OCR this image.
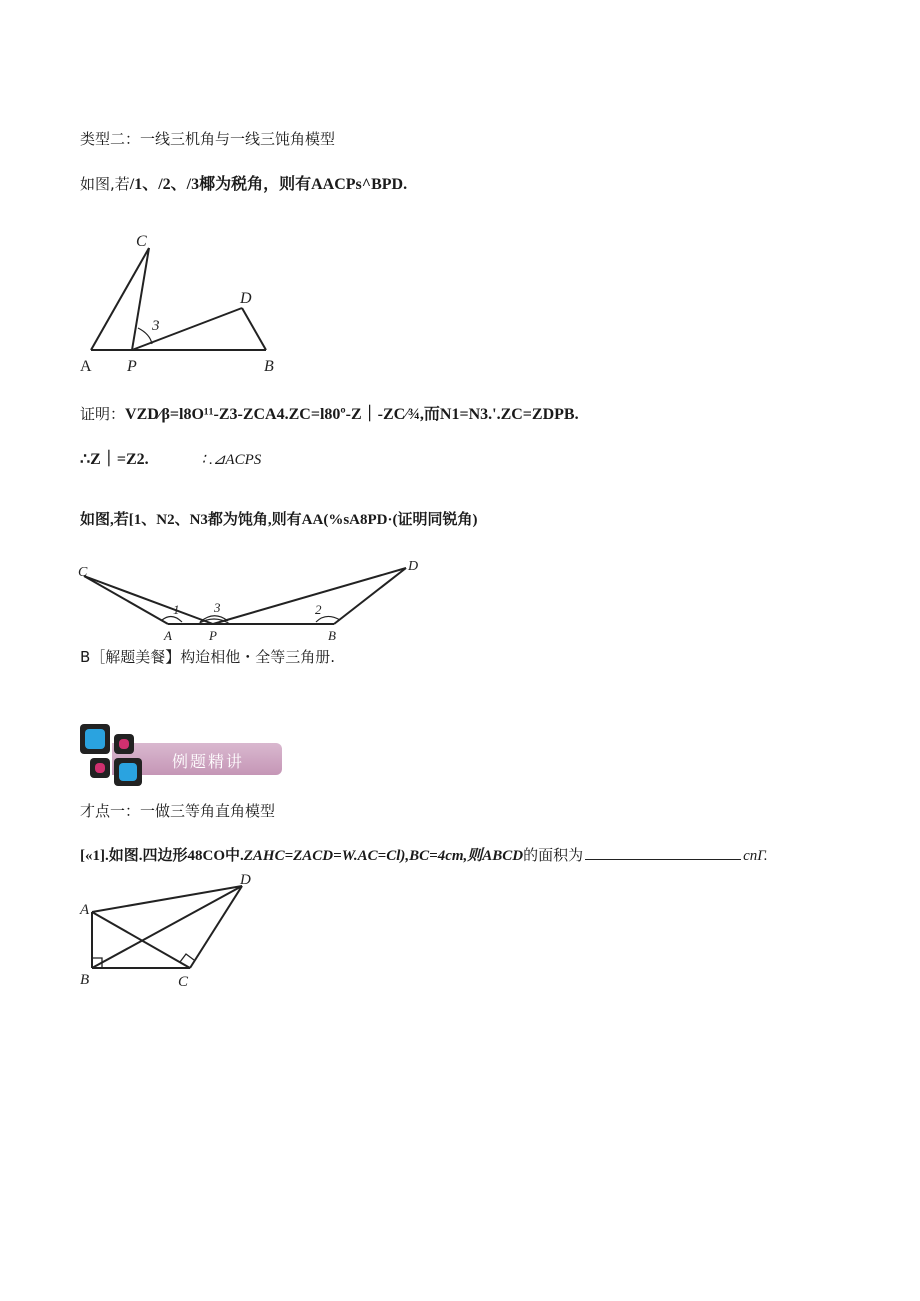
类型二：一线三机角与一线三饨角模型
如图,若/1、/2、/3椰为税角，则有AACPs^BPD.
C
D
A P	B
3
证明：VZD∕β=l8O¹¹-Z3-ZCA4.ZC=l80º-Z｜-ZC∕¾,而N1=N3.'.ZC=ZDPB.
∴Z｜=Z2.	∶ .⊿ACPS
如图,若[1、N2、N3都为饨角,则有AA(%sA8PD·(证明同锐角)
C	D
A	P	B
1	3	2
B［解题美餐】构迨相他・全等三角册.
例题精讲
才点一：一做三等角直角模型
[«1].如图.四边形48CO中.ZAHC=ZACD=W.AC=Cl),BC=4cm,则ABCD的面积为	cnΓ.
A
B	C
D
